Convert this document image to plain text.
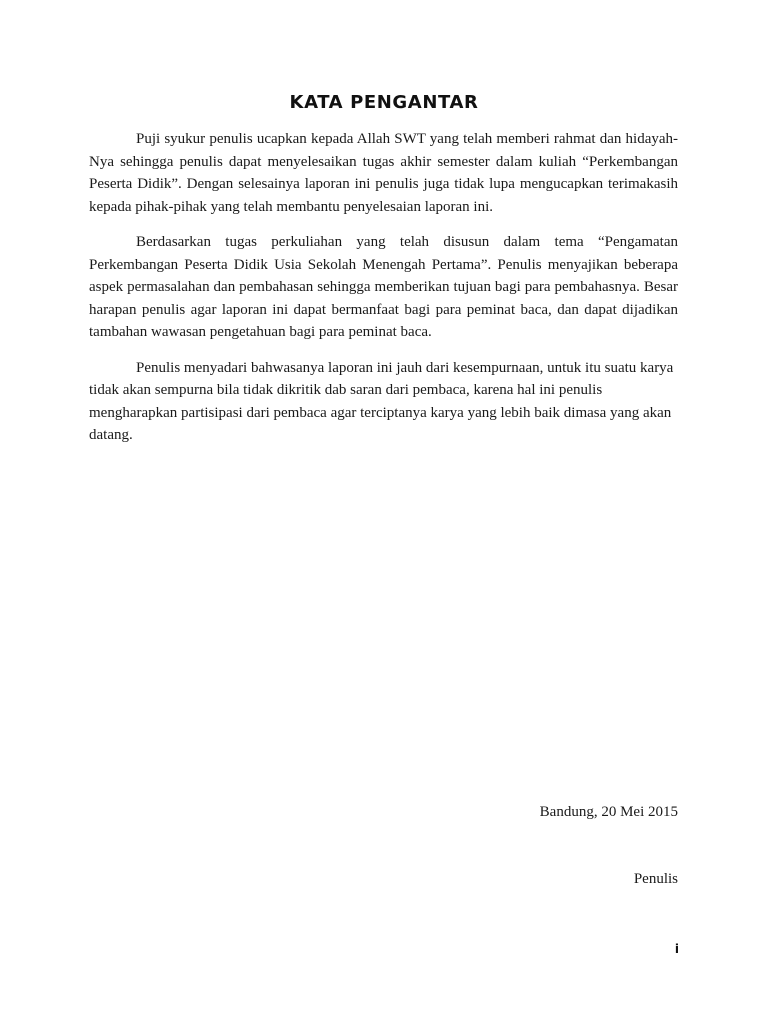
KATA PENGANTAR

Puji syukur penulis ucapkan kepada Allah SWT yang telah memberi rahmat dan hidayah-Nya sehingga penulis dapat menyelesaikan tugas akhir semester dalam kuliah “Perkembangan Peserta Didik”. Dengan selesainya laporan ini penulis juga tidak lupa mengucapkan terimakasih kepada pihak-pihak yang telah membantu penyelesaian laporan ini.

Berdasarkan tugas perkuliahan yang telah disusun dalam tema “Pengamatan Perkembangan Peserta Didik Usia Sekolah Menengah Pertama”. Penulis menyajikan beberapa aspek permasalahan dan pembahasan sehingga memberikan tujuan bagi para pembahasnya. Besar harapan penulis agar laporan ini dapat bermanfaat bagi para peminat baca, dan dapat dijadikan tambahan wawasan pengetahuan bagi para peminat baca.

Penulis menyadari bahwasanya laporan ini jauh dari kesempurnaan, untuk itu suatu karya tidak akan sempurna bila tidak dikritik dab saran dari pembaca, karena hal ini penulis mengharapkan partisipasi dari pembaca agar terciptanya karya yang lebih baik dimasa yang akan datang.

Bandung, 20 Mei 2015
Penulis
i
